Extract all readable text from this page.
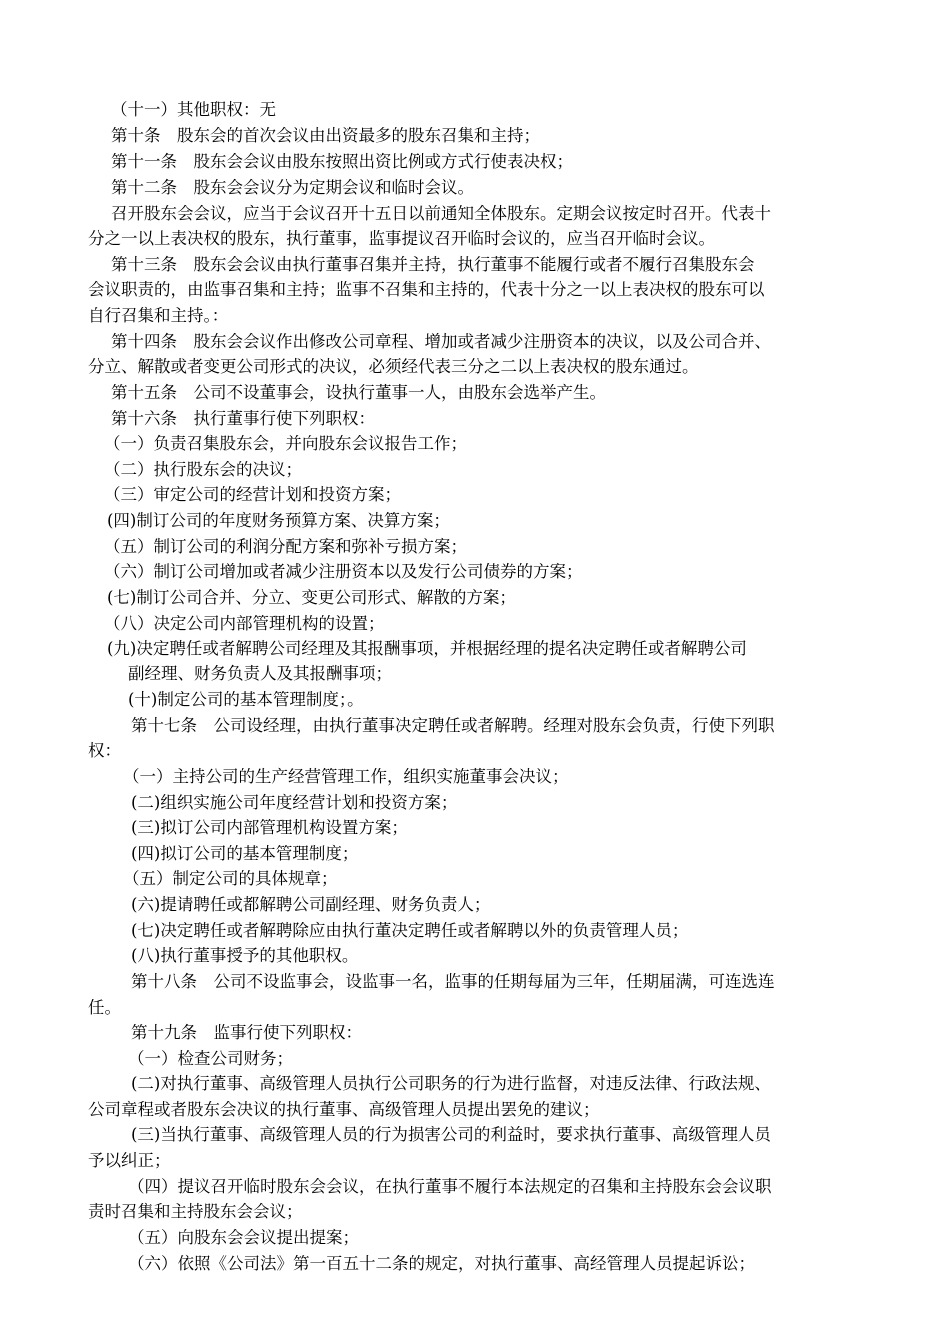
（十一）其他职权：无
第十条　股东会的首次会议由出资最多的股东召集和主持；
第十一条　股东会会议由股东按照出资比例或方式行使表决权；
第十二条　股东会会议分为定期会议和临时会议。
召开股东会会议，应当于会议召开十五日以前通知全体股东。定期会议按定时召开。代表十
分之一以上表决权的股东，执行董事，监事提议召开临时会议的，应当召开临时会议。
第十三条　股东会会议由执行董事召集并主持，执行董事不能履行或者不履行召集股东会
会议职责的，由监事召集和主持；监事不召集和主持的，代表十分之一以上表决权的股东可以
自行召集和主持。：
第十四条　股东会会议作出修改公司章程、增加或者减少注册资本的决议，以及公司合并、
分立、解散或者变更公司形式的决议，必须经代表三分之二以上表决权的股东通过。
第十五条　公司不设董事会，设执行董事一人，由股东会选举产生。
第十六条　执行董事行使下列职权：
（一）负责召集股东会，并向股东会议报告工作；
（二）执行股东会的决议；
（三）审定公司的经营计划和投资方案；
(四)制订公司的年度财务预算方案、决算方案；
（五）制订公司的利润分配方案和弥补亏损方案；
（六）制订公司增加或者减少注册资本以及发行公司债券的方案；
(七)制订公司合并、分立、变更公司形式、解散的方案；
（八）决定公司内部管理机构的设置；
(九)决定聘任或者解聘公司经理及其报酬事项，并根据经理的提名决定聘任或者解聘公司
副经理、财务负责人及其报酬事项；
(十)制定公司的基本管理制度；。
第十七条　公司设经理，由执行董事决定聘任或者解聘。经理对股东会负责，行使下列职
权：
（一）主持公司的生产经营管理工作，组织实施董事会决议；
(二)组织实施公司年度经营计划和投资方案；
(三)拟订公司内部管理机构设置方案；
(四)拟订公司的基本管理制度；
（五）制定公司的具体规章；
(六)提请聘任或都解聘公司副经理、财务负责人；
(七)决定聘任或者解聘除应由执行董决定聘任或者解聘以外的负责管理人员；
(八)执行董事授予的其他职权。
第十八条　公司不设监事会，设监事一名，监事的任期每届为三年，任期届满，可连选连
任。
第十九条　监事行使下列职权：
（一）检查公司财务；
(二)对执行董事、高级管理人员执行公司职务的行为进行监督，对违反法律、行政法规、
公司章程或者股东会决议的执行董事、高级管理人员提出罢免的建议；
(三)当执行董事、高级管理人员的行为损害公司的利益时，要求执行董事、高级管理人员
予以纠正；
（四）提议召开临时股东会会议，在执行董事不履行本法规定的召集和主持股东会会议职
责时召集和主持股东会会议；
（五）向股东会会议提出提案；
（六）依照《公司法》第一百五十二条的规定，对执行董事、高经管理人员提起诉讼；
